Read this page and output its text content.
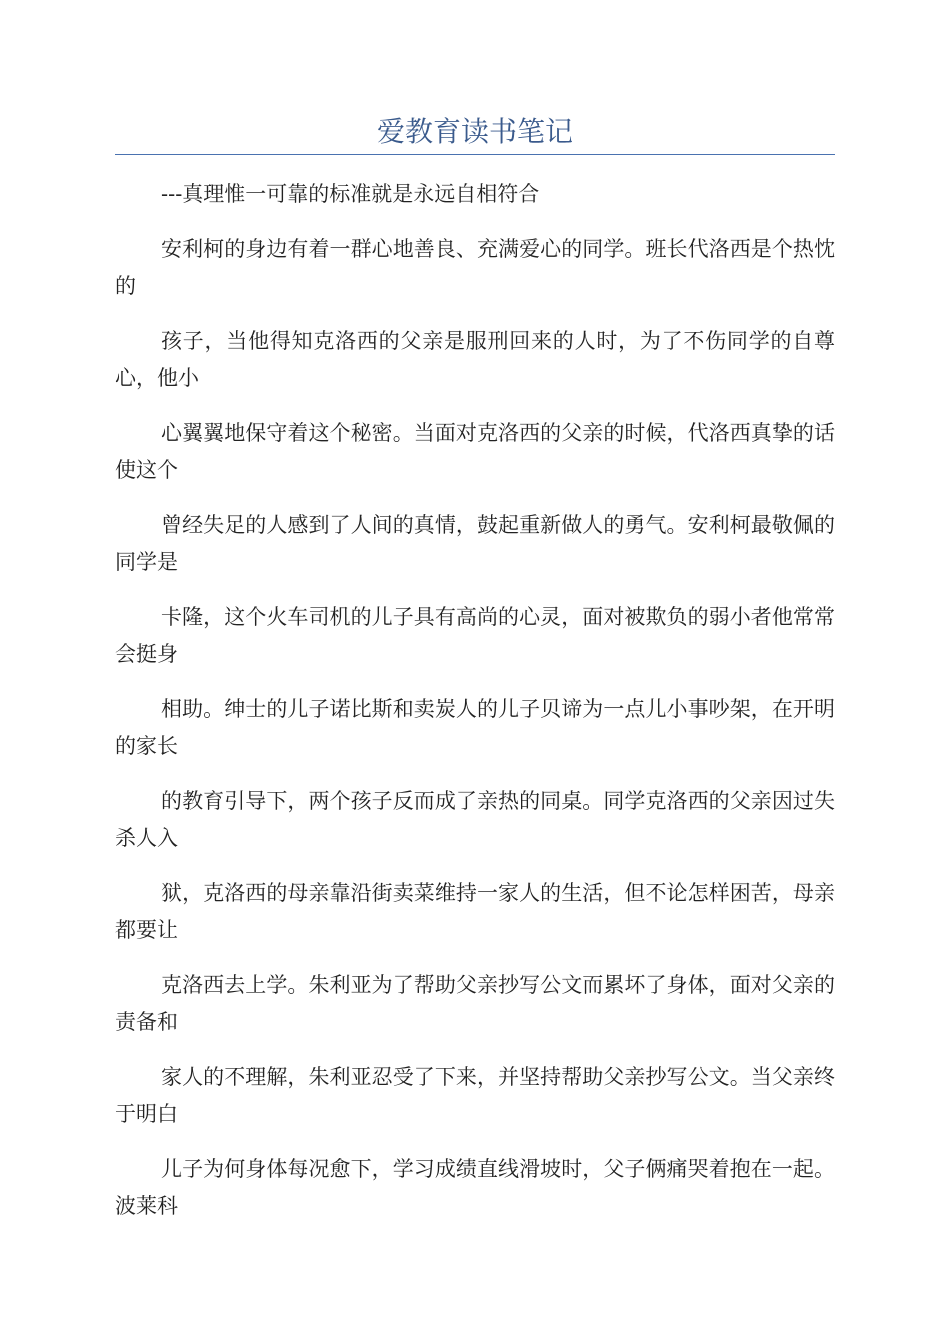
爱教育读书笔记

---真理惟一可靠的标准就是永远自相符合

安利柯的身边有着一群心地善良、充满爱心的同学。班长代洛西是个热忱的

孩子，当他得知克洛西的父亲是服刑回来的人时，为了不伤同学的自尊心，他小

心翼翼地保守着这个秘密。当面对克洛西的父亲的时候，代洛西真挚的话使这个

曾经失足的人感到了人间的真情，鼓起重新做人的勇气。安利柯最敬佩的同学是

卡隆，这个火车司机的儿子具有高尚的心灵，面对被欺负的弱小者他常常会挺身

相助。绅士的儿子诺比斯和卖炭人的儿子贝谛为一点儿小事吵架，在开明的家长

的教育引导下，两个孩子反而成了亲热的同桌。同学克洛西的父亲因过失杀人入

狱，克洛西的母亲靠沿街卖菜维持一家人的生活，但不论怎样困苦，母亲都要让

克洛西去上学。朱利亚为了帮助父亲抄写公文而累坏了身体，面对父亲的责备和

家人的不理解，朱利亚忍受了下来，并坚持帮助父亲抄写公文。当父亲终于明白

儿子为何身体每况愈下，学习成绩直线滑坡时，父子俩痛哭着抱在一起。波莱科
